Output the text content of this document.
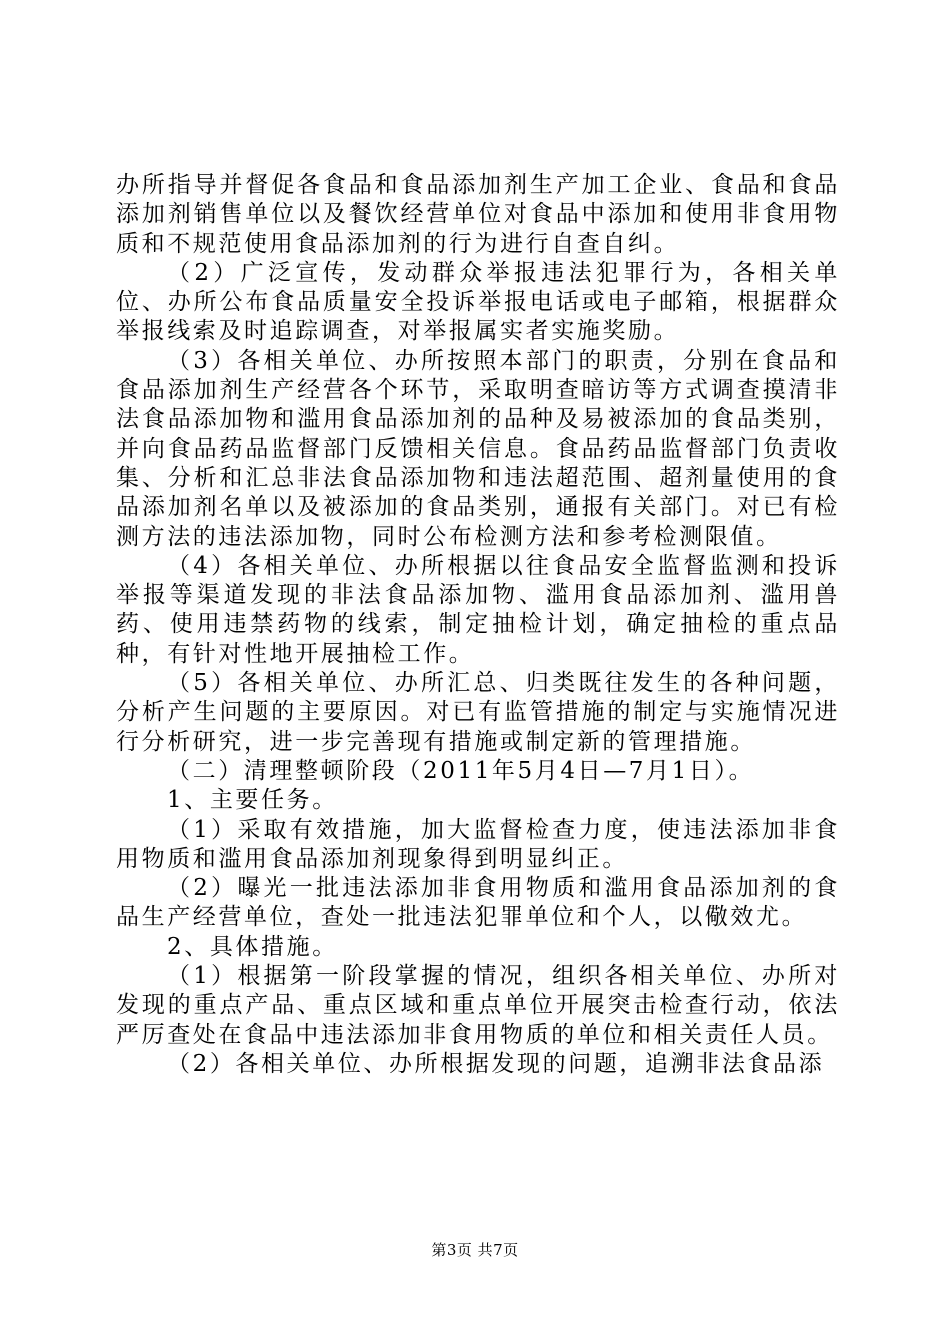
办所指导并督促各食品和食品添加剂生产加工企业、食品和食品添加剂销售单位以及餐饮经营单位对食品中添加和使用非食用物质和不规范使用食品添加剂的行为进行自查自纠。

（2）广泛宣传，发动群众举报违法犯罪行为，各相关单位、办所公布食品质量安全投诉举报电话或电子邮箱，根据群众举报线索及时追踪调查，对举报属实者实施奖励。

（3）各相关单位、办所按照本部门的职责，分别在食品和食品添加剂生产经营各个环节，采取明查暗访等方式调查摸清非法食品添加物和滥用食品添加剂的品种及易被添加的食品类别，并向食品药品监督部门反馈相关信息。食品药品监督部门负责收集、分析和汇总非法食品添加物和违法超范围、超剂量使用的食品添加剂名单以及被添加的食品类别，通报有关部门。对已有检测方法的违法添加物，同时公布检测方法和参考检测限值。

（4）各相关单位、办所根据以往食品安全监督监测和投诉举报等渠道发现的非法食品添加物、滥用食品添加剂、滥用兽药、使用违禁药物的线索，制定抽检计划，确定抽检的重点品种，有针对性地开展抽检工作。

（5）各相关单位、办所汇总、归类既往发生的各种问题，分析产生问题的主要原因。对已有监管措施的制定与实施情况进行分析研究，进一步完善现有措施或制定新的管理措施。

（二）清理整顿阶段（2011年5月4日—7月1日）。

1、主要任务。

（1）采取有效措施，加大监督检查力度，使违法添加非食用物质和滥用食品添加剂现象得到明显纠正。

（2）曝光一批违法添加非食用物质和滥用食品添加剂的食品生产经营单位，查处一批违法犯罪单位和个人，以儆效尤。

2、具体措施。

（1）根据第一阶段掌握的情况，组织各相关单位、办所对发现的重点产品、重点区域和重点单位开展突击检查行动，依法严厉查处在食品中违法添加非食用物质的单位和相关责任人员。

（2）各相关单位、办所根据发现的问题，追溯非法食品添

第3页 共7页
